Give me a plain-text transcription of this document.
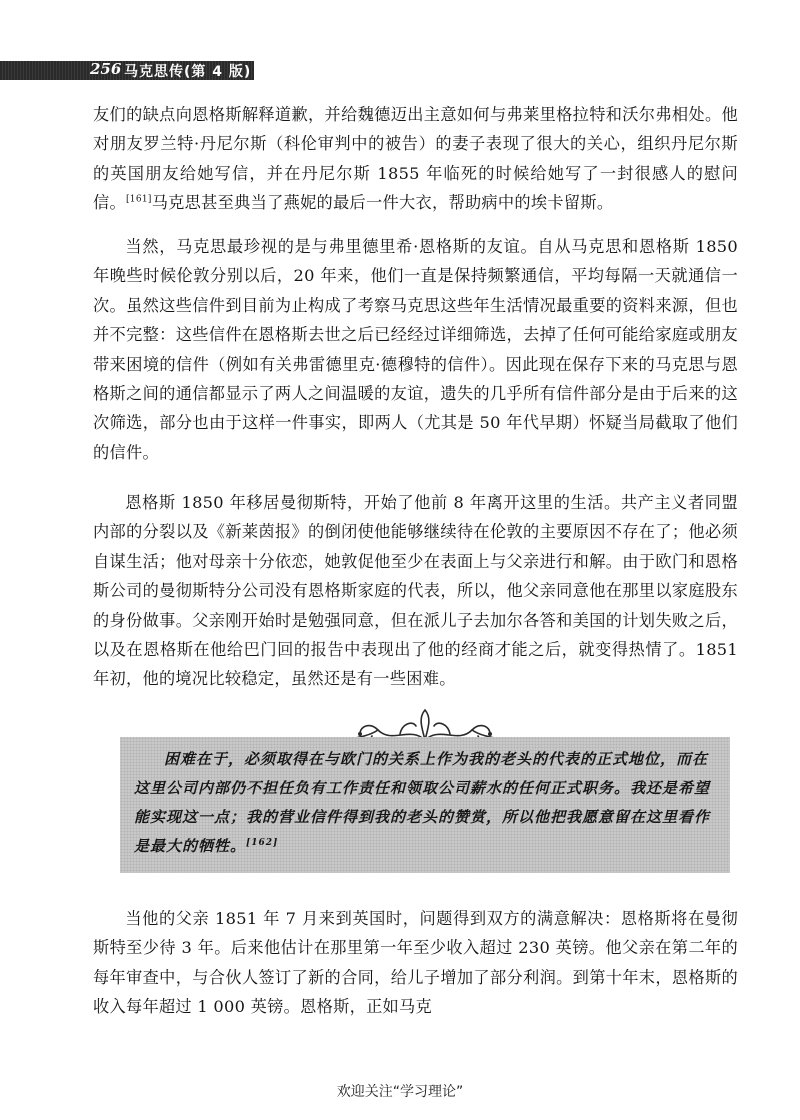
256 马克思传(第 4 版)

友们的缺点向恩格斯解释道歉，并给魏德迈出主意如何与弗莱里格拉特和沃尔弗相处。他对朋友罗兰特·丹尼尔斯（科伦审判中的被告）的妻子表现了很大的关心，组织丹尼尔斯的英国朋友给她写信，并在丹尼尔斯 1855 年临死的时候给她写了一封很感人的慰问信。[161]马克思甚至典当了燕妮的最后一件大衣，帮助病中的埃卡留斯。

当然，马克思最珍视的是与弗里德里希·恩格斯的友谊。自从马克思和恩格斯 1850 年晚些时候伦敦分别以后，20 年来，他们一直是保持频繁通信，平均每隔一天就通信一次。虽然这些信件到目前为止构成了考察马克思这些年生活情况最重要的资料来源，但也并不完整：这些信件在恩格斯去世之后已经经过详细筛选，去掉了任何可能给家庭或朋友带来困境的信件（例如有关弗雷德里克·德穆特的信件）。因此现在保存下来的马克思与恩格斯之间的通信都显示了两人之间温暖的友谊，遗失的几乎所有信件部分是由于后来的这次筛选，部分也由于这样一件事实，即两人（尤其是 50 年代早期）怀疑当局截取了他们的信件。

恩格斯 1850 年移居曼彻斯特，开始了他前 8 年离开这里的生活。共产主义者同盟内部的分裂以及《新莱茵报》的倒闭使他能够继续待在伦敦的主要原因不存在了；他必须自谋生活；他对母亲十分依恋，她敦促他至少在表面上与父亲进行和解。由于欧门和恩格斯公司的曼彻斯特分公司没有恩格斯家庭的代表，所以，他父亲同意他在那里以家庭股东的身份做事。父亲刚开始时是勉强同意，但在派儿子去加尔各答和美国的计划失败之后，以及在恩格斯在他给巴门回的报告中表现出了他的经商才能之后，就变得热情了。1851 年初，他的境况比较稳定，虽然还是有一些困难。

困难在于，必须取得在与欧门的关系上作为我的老头的代表的正式地位，而在这里公司内部仍不担任负有工作责任和领取公司薪水的任何正式职务。我还是希望能实现这一点；我的营业信件得到我的老头的赞赏，所以他把我愿意留在这里看作是最大的牺牲。[162]

当他的父亲 1851 年 7 月来到英国时，问题得到双方的满意解决：恩格斯将在曼彻斯特至少待 3 年。后来他估计在那里第一年至少收入超过 230 英镑。他父亲在第二年的每年审查中，与合伙人签订了新的合同，给儿子增加了部分利润。到第十年末，恩格斯的收入每年超过 1 000 英镑。恩格斯，正如马克

欢迎关注“学习理论”
